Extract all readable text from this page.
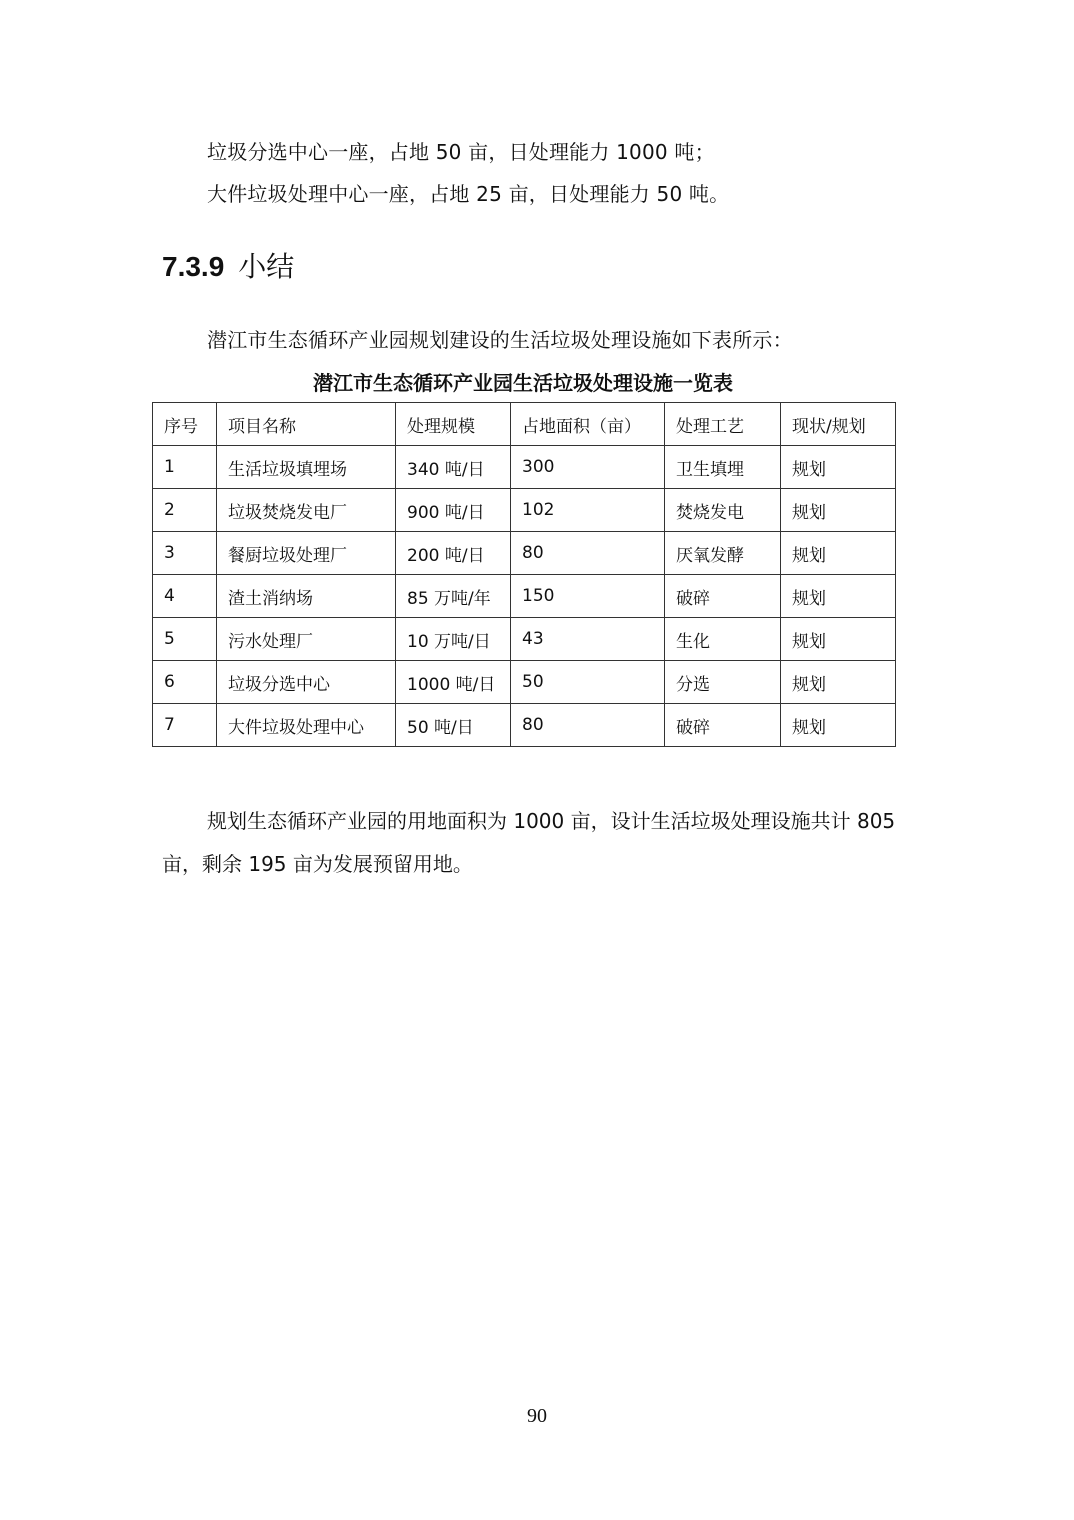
垃圾分选中心一座，占地 50 亩，日处理能力 1000 吨；
大件垃圾处理中心一座，占地 25 亩，日处理能力 50 吨。
7.3.9 小结
潜江市生态循环产业园规划建设的生活垃圾处理设施如下表所示：
潜江市生态循环产业园生活垃圾处理设施一览表
序号	项目名称	处理规模	占地面积（亩）	处理工艺	现状/规划
1	生活垃圾填埋场	340 吨/日	300	卫生填埋	规划
2	垃圾焚烧发电厂	900 吨/日	102	焚烧发电	规划
3	餐厨垃圾处理厂	200 吨/日	80	厌氧发酵	规划
4	渣土消纳场	85 万吨/年	150	破碎	规划
5	污水处理厂	10 万吨/日	43	生化	规划
6	垃圾分选中心	1000 吨/日	50	分选	规划
7	大件垃圾处理中心	50 吨/日	80	破碎	规划
规划生态循环产业园的用地面积为 1000 亩，设计生活垃圾处理设施共计 805 亩，剩余 195 亩为发展预留用地。
90
